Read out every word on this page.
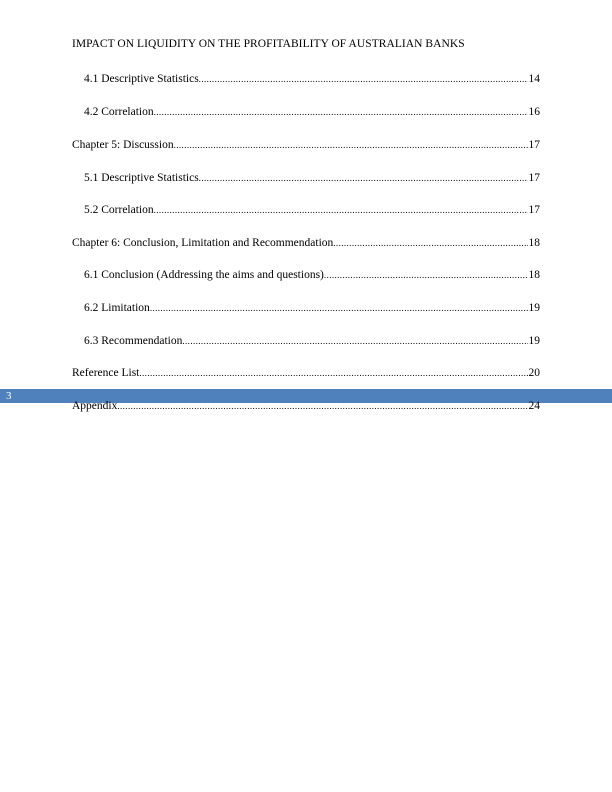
IMPACT ON LIQUIDITY ON THE PROFITABILITY OF AUSTRALIAN BANKS
4.1 Descriptive Statistics .....	14
4.2 Correlation .....	16
Chapter 5: Discussion .....	17
5.1 Descriptive Statistics .....	17
5.2 Correlation .....	17
Chapter 6: Conclusion, Limitation and Recommendation .....	18
6.1 Conclusion (Addressing the aims and questions) .....	18
6.2 Limitation .....	19
6.3 Recommendation .....	19
Reference List .....	20
3
Appendix .....	24
